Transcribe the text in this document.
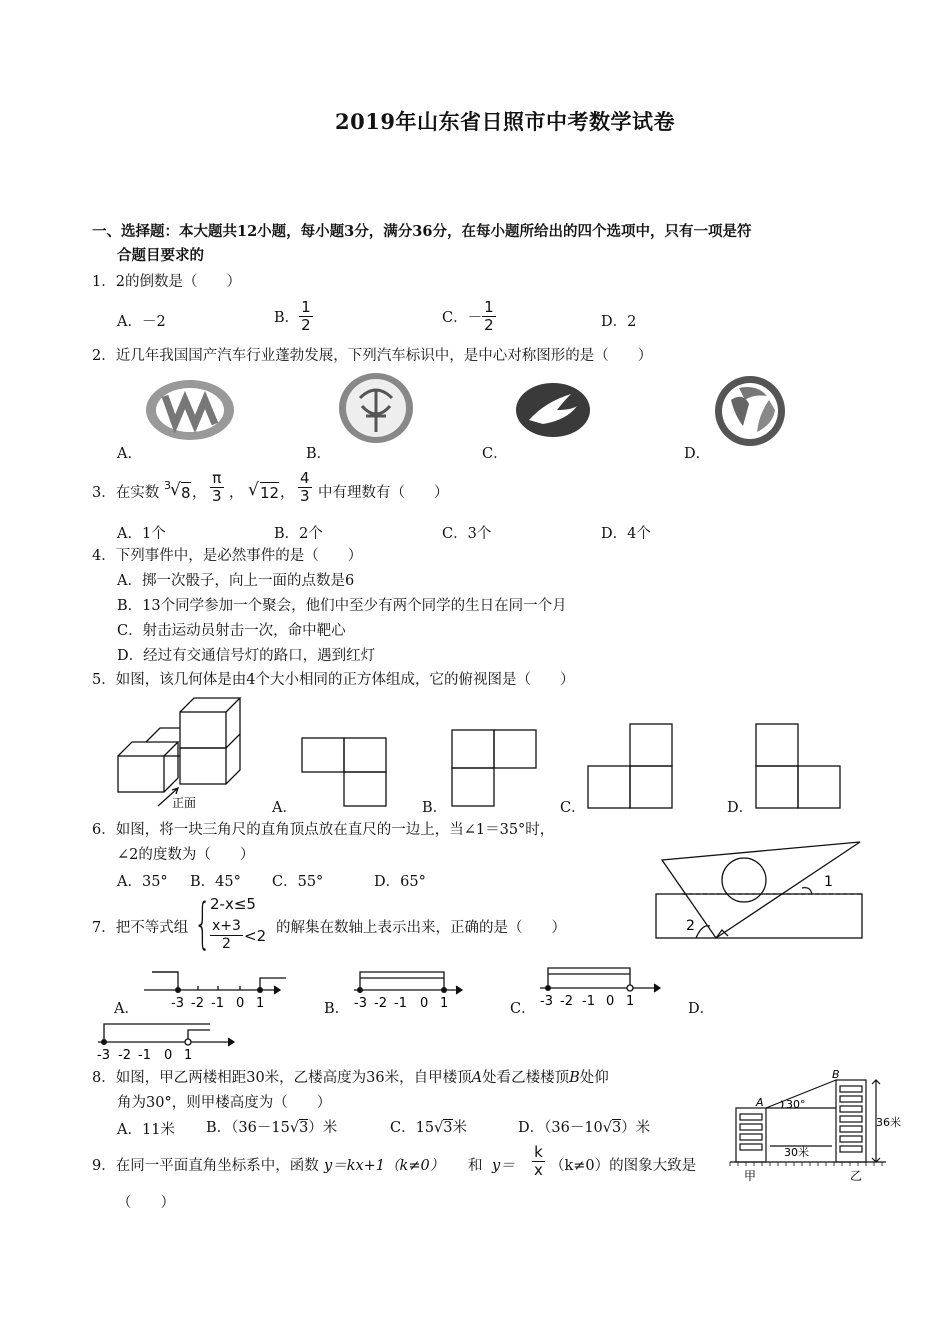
2019年山东省日照市中考数学试卷
一、选择题：本大题共12小题，每小题3分，满分36分，在每小题所给出的四个选项中，只有一项是符
合题目要求的
1．2的倒数是（　　）
A．－2	B． $\frac{1}{2}$	C．－ $\frac{1}{2}$	D．2
2．近几年我国国产汽车行业蓬勃发展，下列汽车标识中，是中心对称图形的是（　　）
A．	B．	C．	D．
3．在实数 3 √ 8 ， $\frac{\pi}{3}$ ， √ 12 ， $\frac{4}{3}$ 中有理数有（　　）
A．1个	B．2个	C．3个	D．4个
4．下列事件中，是必然事件的是（　　）
A．掷一次骰子，向上一面的点数是6
B．13个同学参加一个聚会，他们中至少有两个同学的生日在同一个月
C．射击运动员射击一次，命中靶心
D．经过有交通信号灯的路口，遇到红灯
5．如图，该几何体是由4个大小相同的正方体组成，它的俯视图是（　　）
正面	A．	B．	C．	D．
6．如图，将一块三角尺的直角顶点放在直尺的一边上，当∠1＝35°时，
∠2的度数为（　　）
A．35° B．45° C．55°	D．65°	1
2
7．把不等式组 {
2-x≤5
$\frac{x+3}{2} <2$ 的解集在数轴上表示出来，正确的是（　　）
-3 -2 -1 0 1
A．	-3 -2 -1 0 1
B．	-3 -2 -1 0 1
C．	D．
-3 -2 -1 0 1
8．如图，甲乙两楼相距30米，乙楼高度为36米，自甲楼顶A处看乙楼楼顶B处仰
角为30°，则甲楼高度为（　　）
A．11米 B．（36－15√3）米	C．15√3米	D．（36－10√3）米
A
B
30°
30米
36米
甲	乙
9．在同一平面直角坐标系中，函数 y＝kx+1（k≠0） 和 $y= \frac{k}{x} (k\ne 0)$的图象大致是
（　　）
